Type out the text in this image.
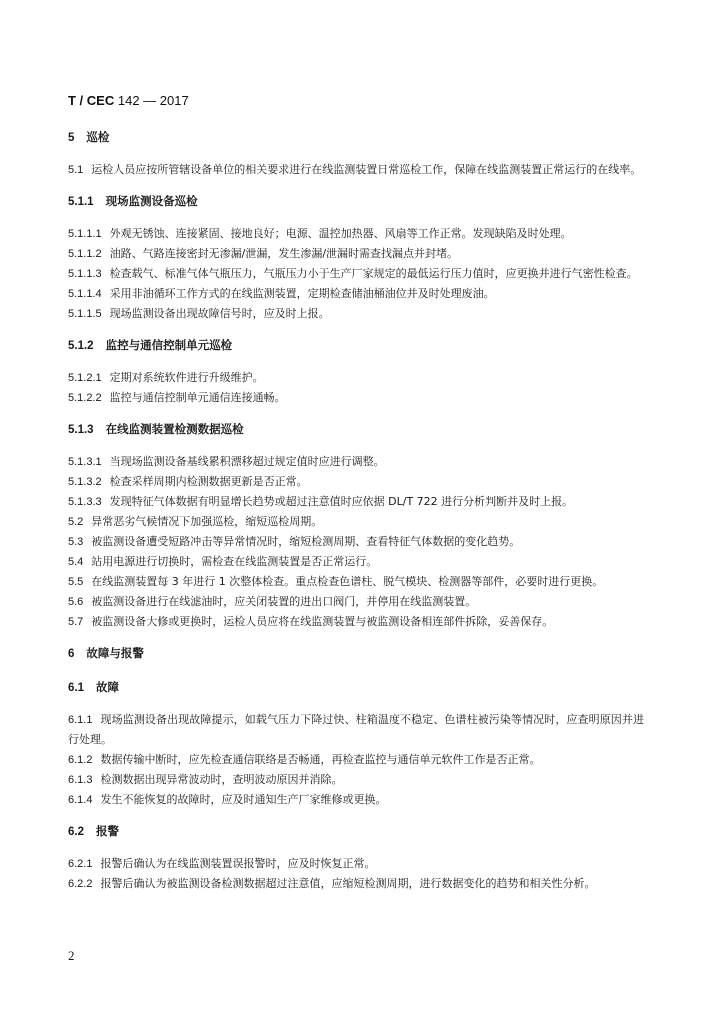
T / CEC 142 — 2017
5 巡检

5.1 运检人员应按所管辖设备单位的相关要求进行在线监测装置日常巡检工作，保障在线监测装置正常运行的在线率。

5.1.1 现场监测设备巡检

5.1.1.1 外观无锈蚀、连接紧固、接地良好；电源、温控加热器、风扇等工作正常。发现缺陷及时处理。

5.1.1.2 油路、气路连接密封无渗漏/泄漏，发生渗漏/泄漏时需查找漏点并封堵。

5.1.1.3 检查载气、标准气体气瓶压力，气瓶压力小于生产厂家规定的最低运行压力值时，应更换并进行气密性检查。

5.1.1.4 采用非油循环工作方式的在线监测装置，定期检查储油桶油位并及时处理废油。

5.1.1.5 现场监测设备出现故障信号时，应及时上报。

5.1.2 监控与通信控制单元巡检

5.1.2.1 定期对系统软件进行升级维护。

5.1.2.2 监控与通信控制单元通信连接通畅。

5.1.3 在线监测装置检测数据巡检

5.1.3.1 当现场监测设备基线累积漂移超过规定值时应进行调整。

5.1.3.2 检查采样周期内检测数据更新是否正常。

5.1.3.3 发现特征气体数据有明显增长趋势或超过注意值时应依据 DL/T 722 进行分析判断并及时上报。

5.2 异常恶劣气候情况下加强巡检，缩短巡检周期。

5.3 被监测设备遭受短路冲击等异常情况时，缩短检测周期、查看特征气体数据的变化趋势。

5.4 站用电源进行切换时，需检查在线监测装置是否正常运行。

5.5 在线监测装置每 3 年进行 1 次整体检查。重点检查色谱柱、脱气模块、检测器等部件，必要时进行更换。

5.6 被监测设备进行在线滤油时，应关闭装置的进出口阀门，并停用在线监测装置。

5.7 被监测设备大修或更换时，运检人员应将在线监测装置与被监测设备相连部件拆除，妥善保存。

6 故障与报警
6.1 故障

6.1.1 现场监测设备出现故障提示，如载气压力下降过快、柱箱温度不稳定、色谱柱被污染等情况时，应查明原因并进行处理。

6.1.2 数据传输中断时，应先检查通信联络是否畅通，再检查监控与通信单元软件工作是否正常。

6.1.3 检测数据出现异常波动时，查明波动原因并消除。

6.1.4 发生不能恢复的故障时，应及时通知生产厂家维修或更换。

6.2 报警

6.2.1 报警后确认为在线监测装置误报警时，应及时恢复正常。

6.2.2 报警后确认为被监测设备检测数据超过注意值，应缩短检测周期，进行数据变化的趋势和相关性分析。

2
